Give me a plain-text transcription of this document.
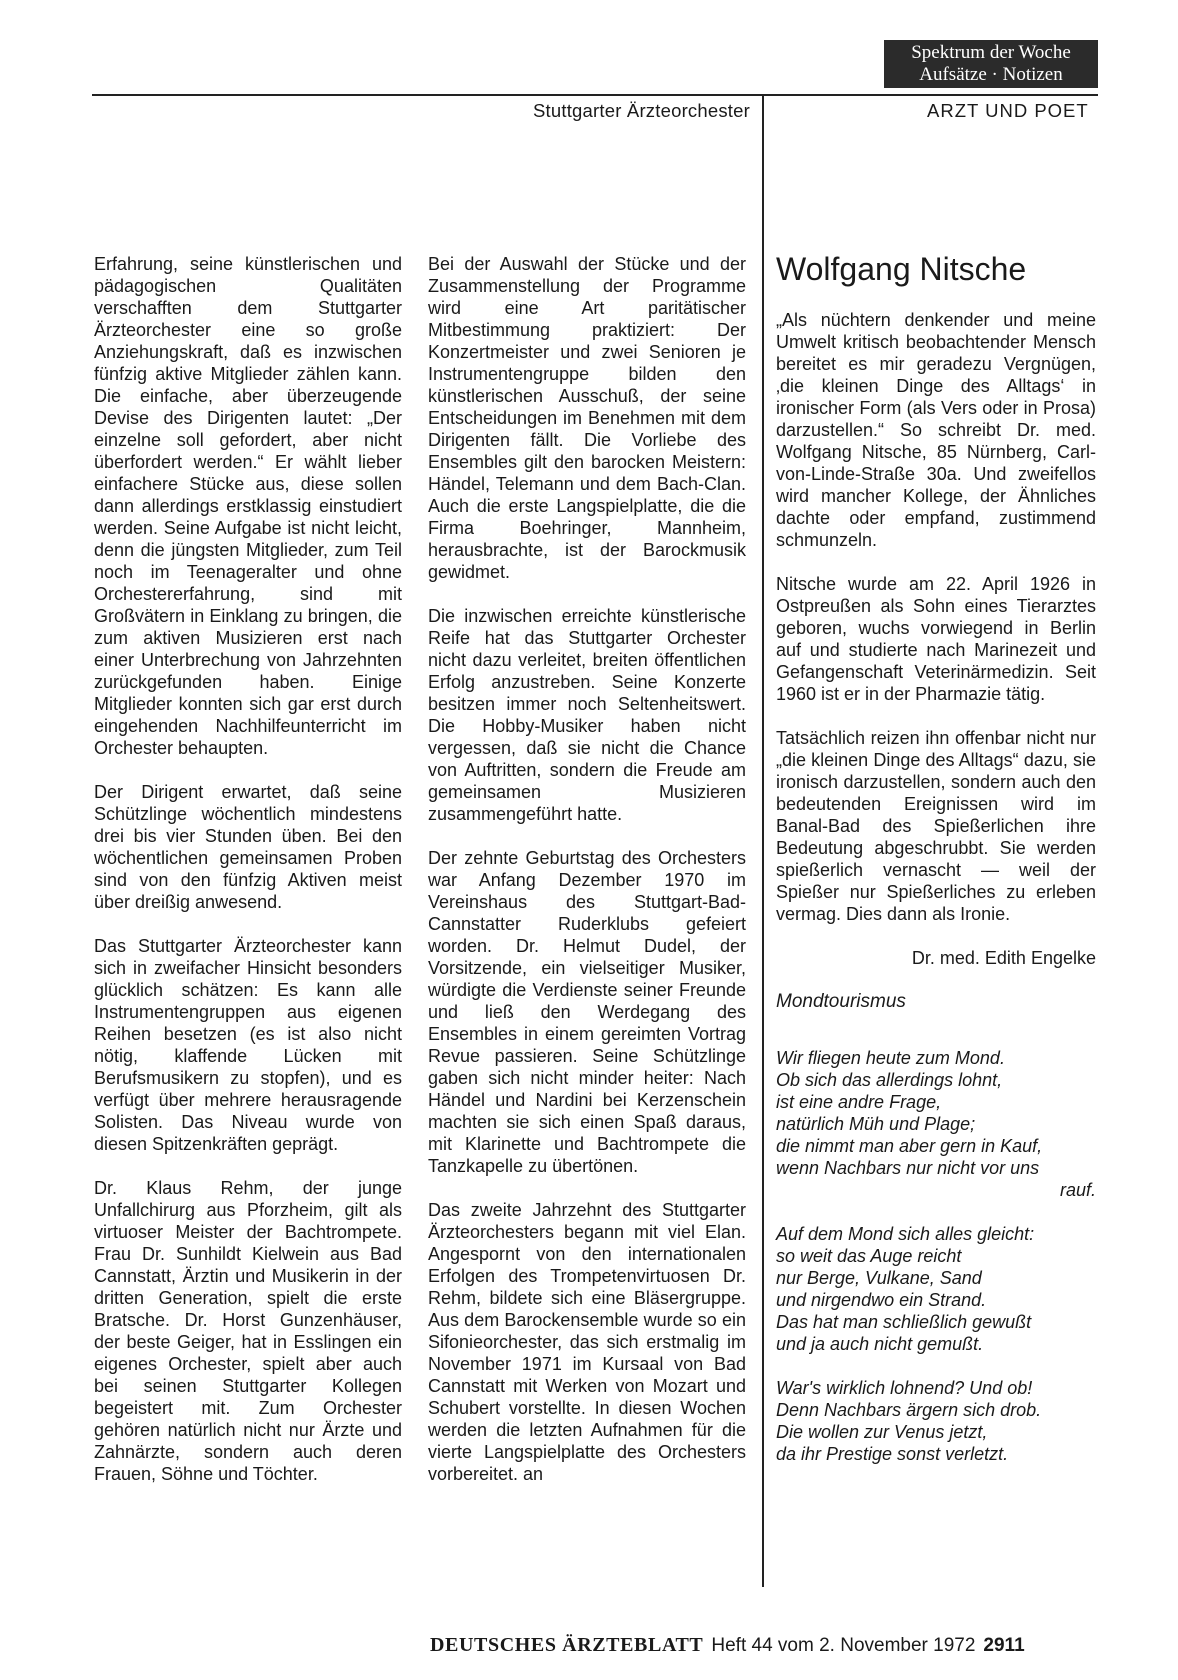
Spektrum der Woche
Aufsätze · Notizen
Stuttgarter Ärzteorchester	ARZT UND POET

Erfahrung, seine künstlerischen und pädagogischen Qualitäten verschafften dem Stuttgarter Ärzteorchester eine so große Anziehungskraft, daß es inzwischen fünfzig aktive Mitglieder zählen kann. Die einfache, aber überzeugende Devise des Dirigenten lautet: „Der einzelne soll gefordert, aber nicht überfordert werden.“ Er wählt lieber einfachere Stücke aus, diese sollen dann allerdings erstklassig einstudiert werden. Seine Aufgabe ist nicht leicht, denn die jüngsten Mitglieder, zum Teil noch im Teenageralter und ohne Orchestererfahrung, sind mit Großvätern in Einklang zu bringen, die zum aktiven Musizieren erst nach einer Unterbrechung von Jahrzehnten zurückgefunden haben. Einige Mitglieder konnten sich gar erst durch eingehenden Nachhilfeunterricht im Orchester behaupten.

Der Dirigent erwartet, daß seine Schützlinge wöchentlich mindestens drei bis vier Stunden üben. Bei den wöchentlichen gemeinsamen Proben sind von den fünfzig Aktiven meist über dreißig anwesend.

Das Stuttgarter Ärzteorchester kann sich in zweifacher Hinsicht besonders glücklich schätzen: Es kann alle Instrumentengruppen aus eigenen Reihen besetzen (es ist also nicht nötig, klaffende Lücken mit Berufsmusikern zu stopfen), und es verfügt über mehrere herausragende Solisten. Das Niveau wurde von diesen Spitzenkräften geprägt.

Dr. Klaus Rehm, der junge Unfallchirurg aus Pforzheim, gilt als virtuoser Meister der Bachtrompete. Frau Dr. Sunhildt Kielwein aus Bad Cannstatt, Ärztin und Musikerin in der dritten Generation, spielt die erste Bratsche. Dr. Horst Gunzenhäuser, der beste Geiger, hat in Esslingen ein eigenes Orchester, spielt aber auch bei seinen Stuttgarter Kollegen begeistert mit. Zum Orchester gehören natürlich nicht nur Ärzte und Zahnärzte, sondern auch deren Frauen, Söhne und Töchter.

Bei der Auswahl der Stücke und der Zusammenstellung der Programme wird eine Art paritätischer Mitbestimmung praktiziert: Der Konzertmeister und zwei Senioren je Instrumentengruppe bilden den künstlerischen Ausschuß, der seine Entscheidungen im Benehmen mit dem Dirigenten fällt. Die Vorliebe des Ensembles gilt den barocken Meistern: Händel, Telemann und dem Bach-Clan. Auch die erste Langspielplatte, die die Firma Boehringer, Mannheim, herausbrachte, ist der Barockmusik gewidmet.

Die inzwischen erreichte künstlerische Reife hat das Stuttgarter Orchester nicht dazu verleitet, breiten öffentlichen Erfolg anzustreben. Seine Konzerte besitzen immer noch Seltenheitswert. Die Hobby-Musiker haben nicht vergessen, daß sie nicht die Chance von Auftritten, sondern die Freude am gemeinsamen Musizieren zusammengeführt hatte.

Der zehnte Geburtstag des Orchesters war Anfang Dezember 1970 im Vereinshaus des Stuttgart-Bad-Cannstatter Ruderklubs gefeiert worden. Dr. Helmut Dudel, der Vorsitzende, ein vielseitiger Musiker, würdigte die Verdienste seiner Freunde und ließ den Werdegang des Ensembles in einem gereimten Vortrag Revue passieren. Seine Schützlinge gaben sich nicht minder heiter: Nach Händel und Nardini bei Kerzenschein machten sie sich einen Spaß daraus, mit Klarinette und Bachtrompete die Tanzkapelle zu übertönen.

Das zweite Jahrzehnt des Stuttgarter Ärzteorchesters begann mit viel Elan. Angespornt von den internationalen Erfolgen des Trompetenvirtuosen Dr. Rehm, bildete sich eine Bläsergruppe. Aus dem Barockensemble wurde so ein Sifonieorchester, das sich erstmalig im November 1971 im Kursaal von Bad Cannstatt mit Werken von Mozart und Schubert vorstellte. In diesen Wochen werden die letzten Aufnahmen für die vierte Langspielplatte des Orchesters vorbereitet. an

Wolfgang Nitsche

„Als nüchtern denkender und meine Umwelt kritisch beobachtender Mensch bereitet es mir geradezu Vergnügen, ‚die kleinen Dinge des Alltags‘ in ironischer Form (als Vers oder in Prosa) darzustellen.“ So schreibt Dr. med. Wolfgang Nitsche, 85 Nürnberg, Carl-von-Linde-Straße 30a. Und zweifellos wird mancher Kollege, der Ähnliches dachte oder empfand, zustimmend schmunzeln.

Nitsche wurde am 22. April 1926 in Ostpreußen als Sohn eines Tierarztes geboren, wuchs vorwiegend in Berlin auf und studierte nach Marinezeit und Gefangenschaft Veterinärmedizin. Seit 1960 ist er in der Pharmazie tätig.

Tatsächlich reizen ihn offenbar nicht nur „die kleinen Dinge des Alltags“ dazu, sie ironisch darzustellen, sondern auch den bedeutenden Ereignissen wird im Banal-Bad des Spießerlichen ihre Bedeutung abgeschrubbt. Sie werden spießerlich vernascht — weil der Spießer nur Spießerliches zu erleben vermag. Dies dann als Ironie.

Dr. med. Edith Engelke

Mondtourismus

Wir fliegen heute zum Mond.
Ob sich das allerdings lohnt,
ist eine andre Frage,
natürlich Müh und Plage;
die nimmt man aber gern in Kauf,
wenn Nachbars nur nicht vor uns
rauf.
Auf dem Mond sich alles gleicht:
so weit das Auge reicht
nur Berge, Vulkane, Sand
und nirgendwo ein Strand.
Das hat man schließlich gewußt
und ja auch nicht gemußt.
War's wirklich lohnend? Und ob!
Denn Nachbars ärgern sich drob.
Die wollen zur Venus jetzt,
da ihr Prestige sonst verletzt.
DEUTSCHES ÄRZTEBLATT Heft 44 vom 2. November 1972 2911
